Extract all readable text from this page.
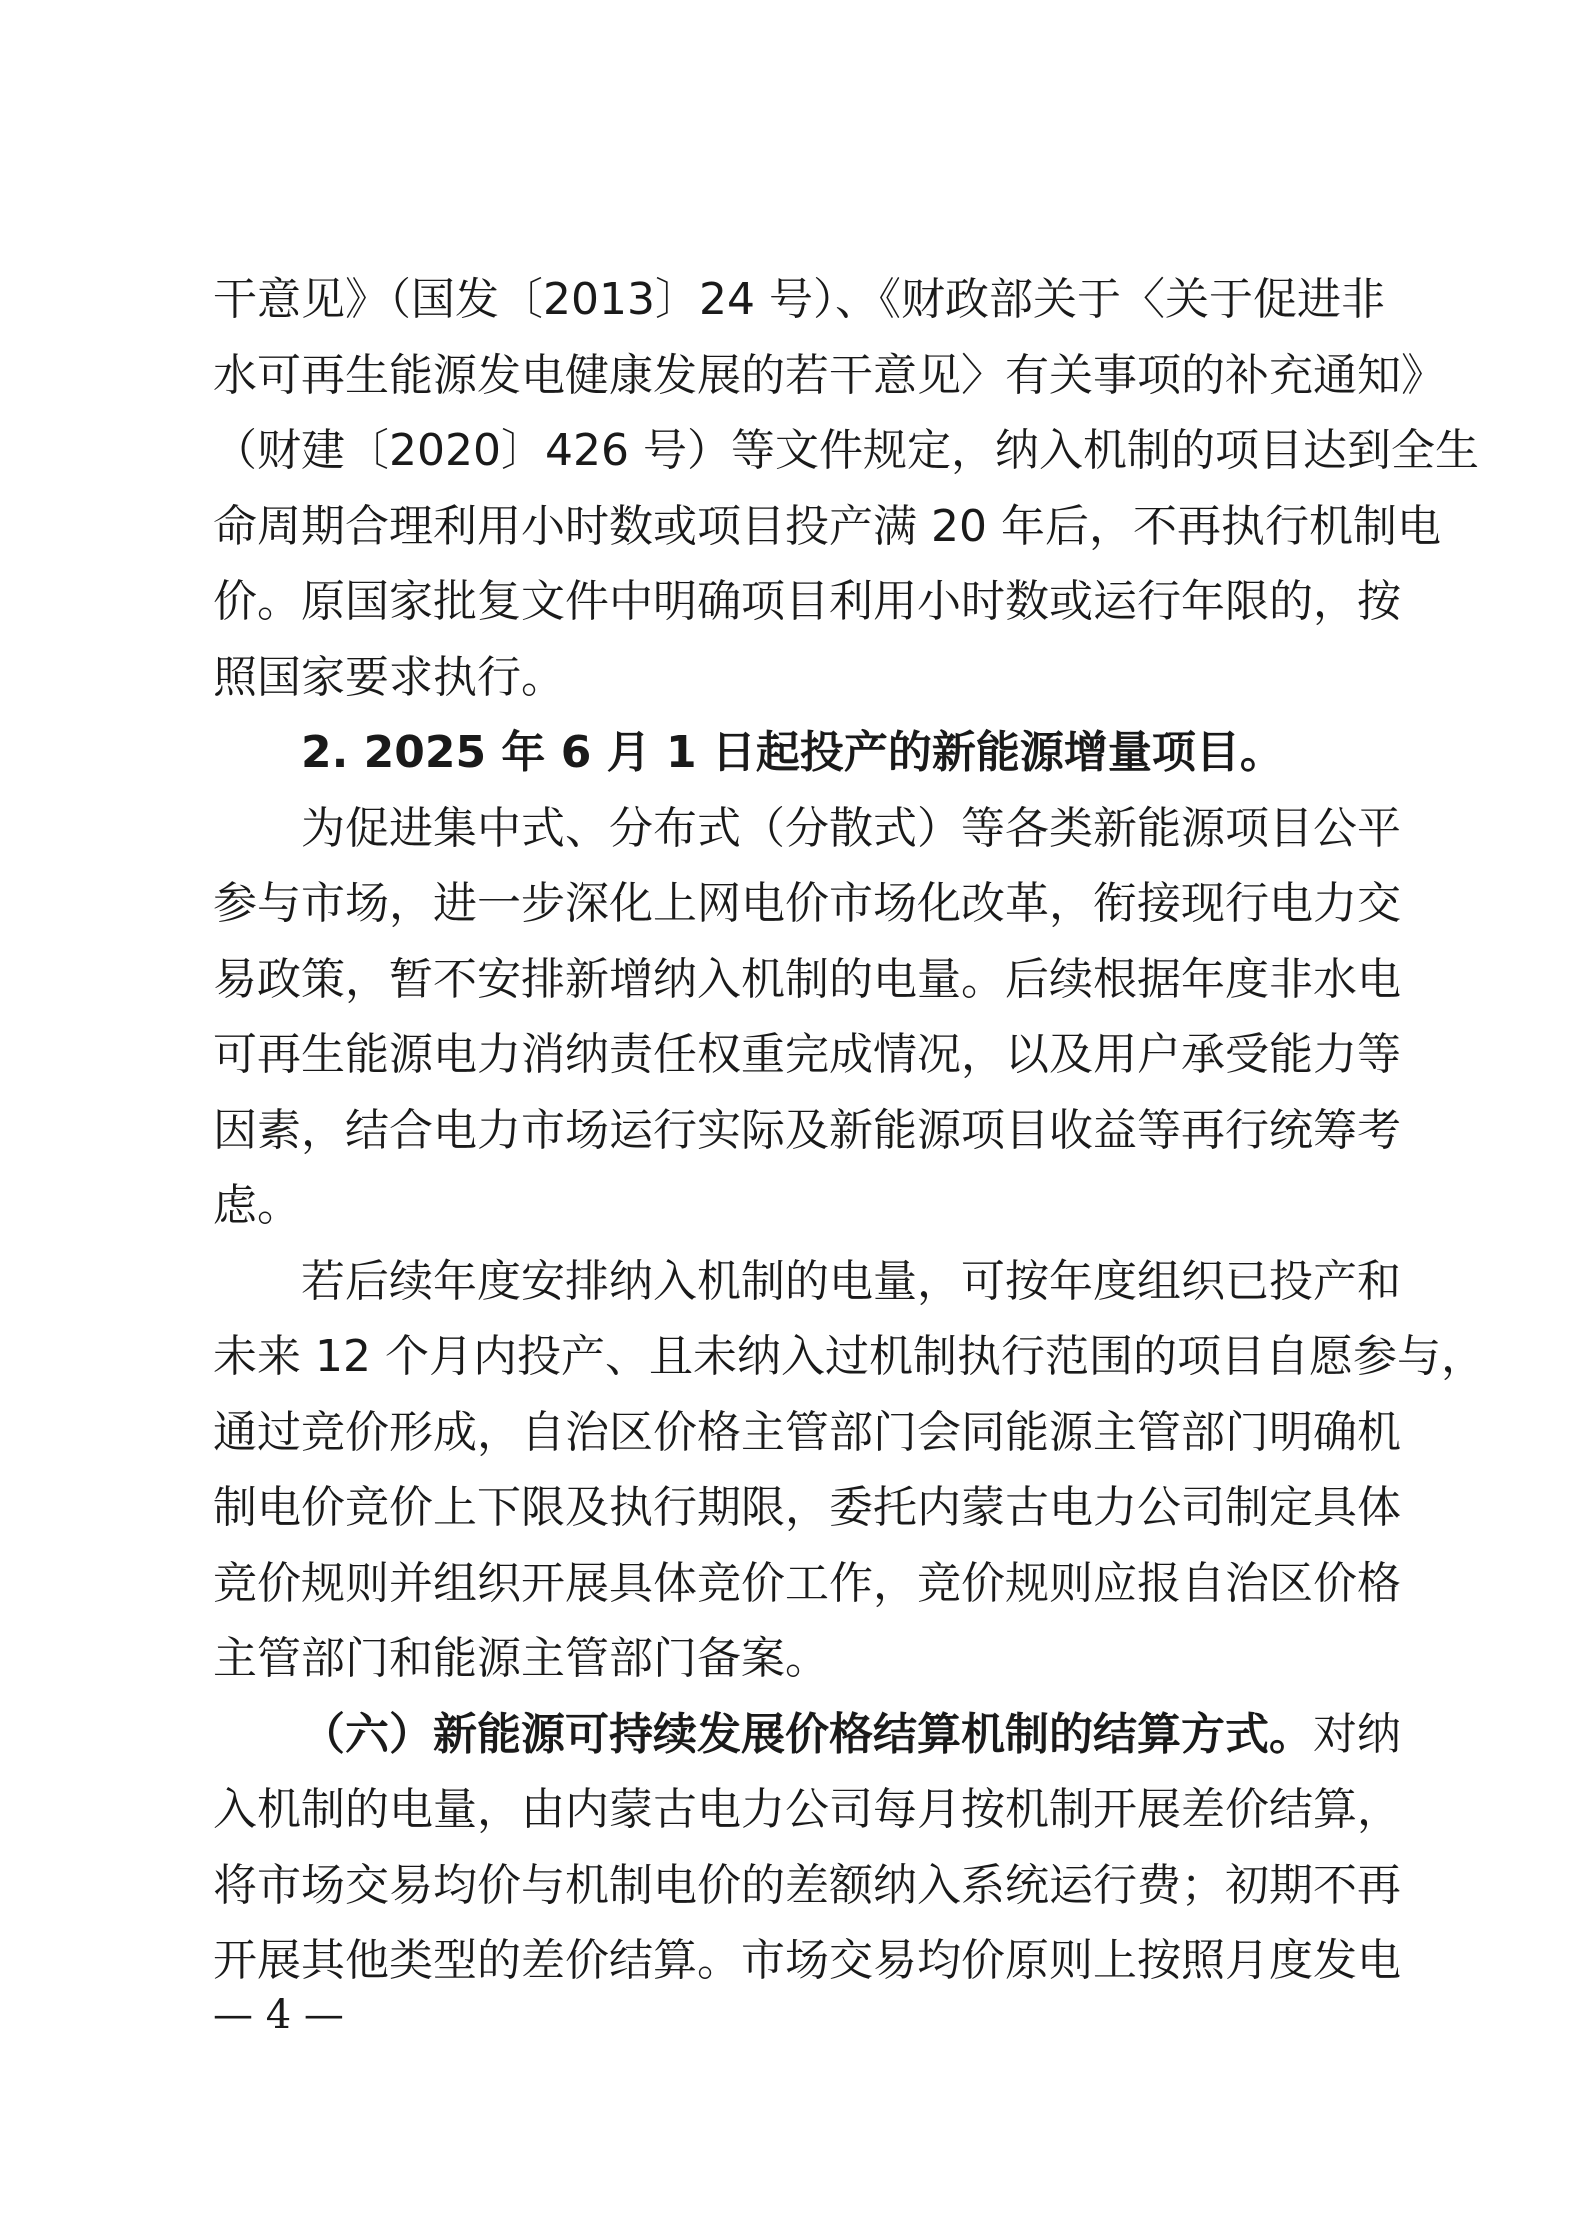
干意见》（国发〔2013〕24 号）、《财政部关于〈关于促进非
水可再生能源发电健康发展的若干意见〉有关事项的补充通知》
（财建〔2020〕426 号）等文件规定，纳入机制的项目达到全生
命周期合理利用小时数或项目投产满 20 年后，不再执行机制电
价。原国家批复文件中明确项目利用小时数或运行年限的，按
照国家要求执行。
2. 2025 年 6 月 1 日起投产的新能源增量项目。
为促进集中式、分布式（分散式）等各类新能源项目公平
参与市场，进一步深化上网电价市场化改革，衔接现行电力交
易政策，暂不安排新增纳入机制的电量。后续根据年度非水电
可再生能源电力消纳责任权重完成情况，以及用户承受能力等
因素，结合电力市场运行实际及新能源项目收益等再行统筹考
虑。
若后续年度安排纳入机制的电量，可按年度组织已投产和
未来 12 个月内投产、且未纳入过机制执行范围的项目自愿参与，
通过竞价形成，自治区价格主管部门会同能源主管部门明确机
制电价竞价上下限及执行期限，委托内蒙古电力公司制定具体
竞价规则并组织开展具体竞价工作，竞价规则应报自治区价格
主管部门和能源主管部门备案。
（六）新能源可持续发展价格结算机制的结算方式。对纳
入机制的电量，由内蒙古电力公司每月按机制开展差价结算，
将市场交易均价与机制电价的差额纳入系统运行费；初期不再
开展其他类型的差价结算。市场交易均价原则上按照月度发电
— 4 —
